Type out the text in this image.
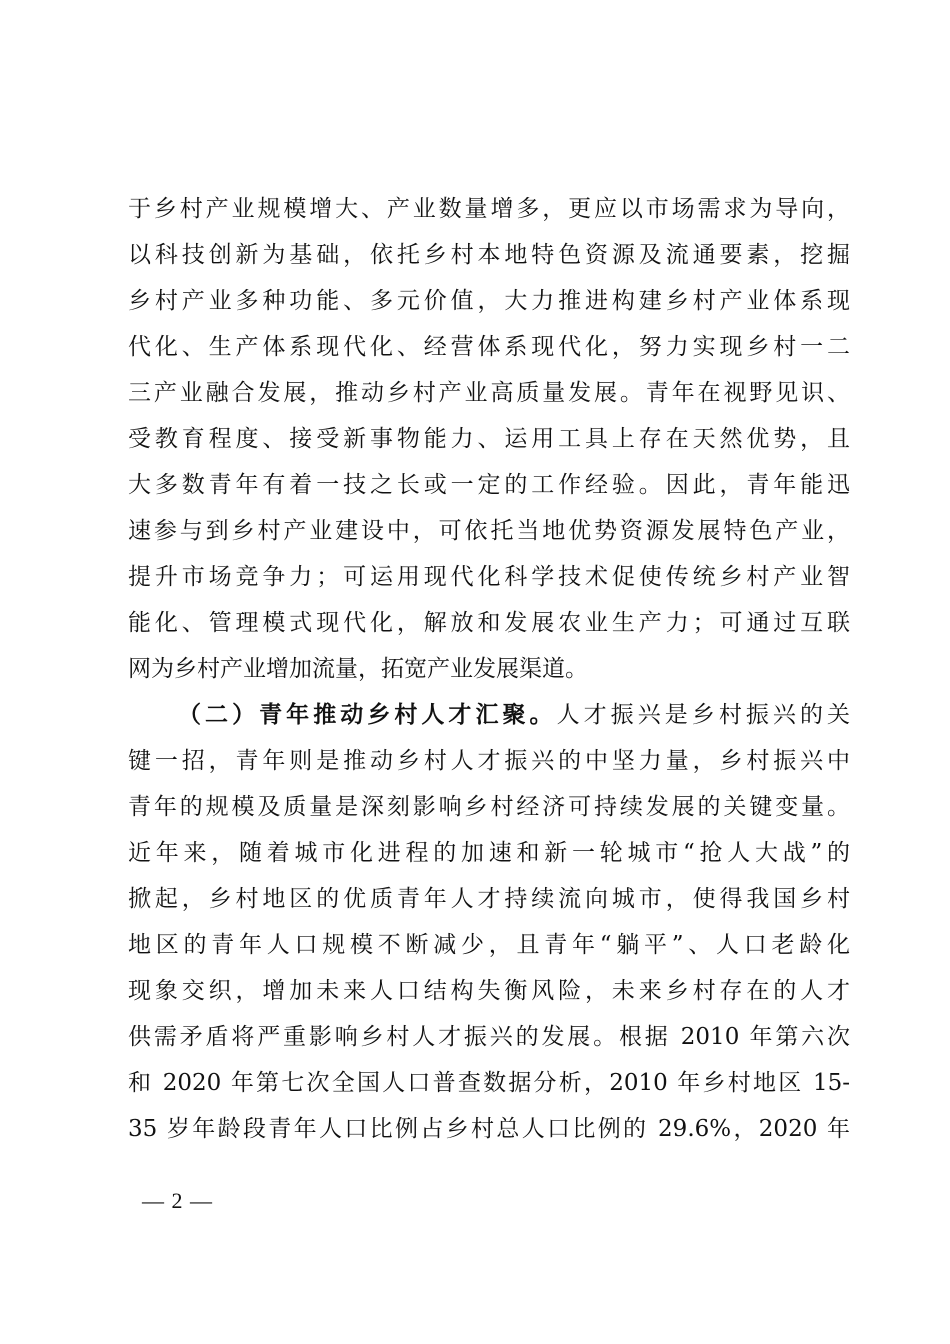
于乡村产业规模增大、产业数量增多，更应以市场需求为导向，
以科技创新为基础，依托乡村本地特色资源及流通要素，挖掘
乡村产业多种功能、多元价值，大力推进构建乡村产业体系现
代化、生产体系现代化、经营体系现代化，努力实现乡村一二
三产业融合发展，推动乡村产业高质量发展。青年在视野见识、
受教育程度、接受新事物能力、运用工具上存在天然优势，且
大多数青年有着一技之长或一定的工作经验。因此，青年能迅
速参与到乡村产业建设中，可依托当地优势资源发展特色产业，
提升市场竞争力；可运用现代化科学技术促使传统乡村产业智
能化、管理模式现代化，解放和发展农业生产力；可通过互联
网为乡村产业增加流量，拓宽产业发展渠道。
（二）青年推动乡村人才汇聚。人才振兴是乡村振兴的关
键一招，青年则是推动乡村人才振兴的中坚力量，乡村振兴中
青年的规模及质量是深刻影响乡村经济可持续发展的关键变量。
近年来，随着城市化进程的加速和新一轮城市“抢人大战”的
掀起，乡村地区的优质青年人才持续流向城市，使得我国乡村
地区的青年人口规模不断减少，且青年“躺平”、人口老龄化
现象交织，增加未来人口结构失衡风险，未来乡村存在的人才
供需矛盾将严重影响乡村人才振兴的发展。根据 2010 年第六次
和 2020 年第七次全国人口普查数据分析，2010 年乡村地区 15-
35 岁年龄段青年人口比例占乡村总人口比例的 29.6%，2020 年
— 2 —
